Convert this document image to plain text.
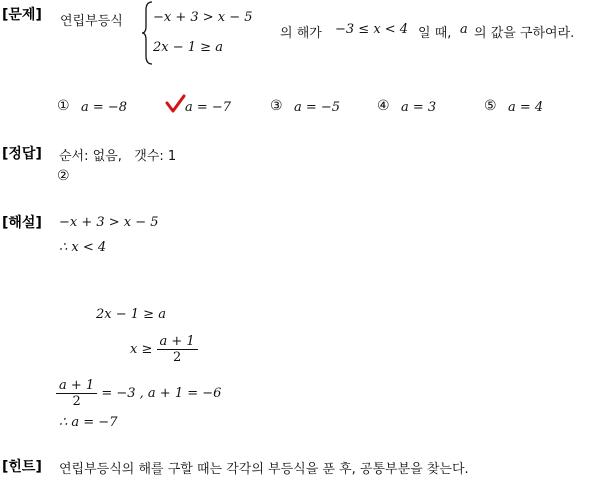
[문제] 연립부등식 −x + 3 > x − 5
2x − 1 ≥ a
의 해가 −3 ≤ x < 4 일 때, a 의 값을 구하여라.
① a = −8	a = −7	③ a = −5	④ a = 3	⑤ a = 4
[정답] 순서: 없음,   갯수: 1
②
[해설] −x + 3 > x − 5
∴ x < 4
2x − 1 ≥ a
$x \ge \frac{a + 1}{2}$
$\frac{a + 1}{2} = -3$ , a + 1 = −6
∴ a = −7
[힌트] 연립부등식의 해를 구할 때는 각각의 부등식을 푼 후, 공통부분을 찾는다.
